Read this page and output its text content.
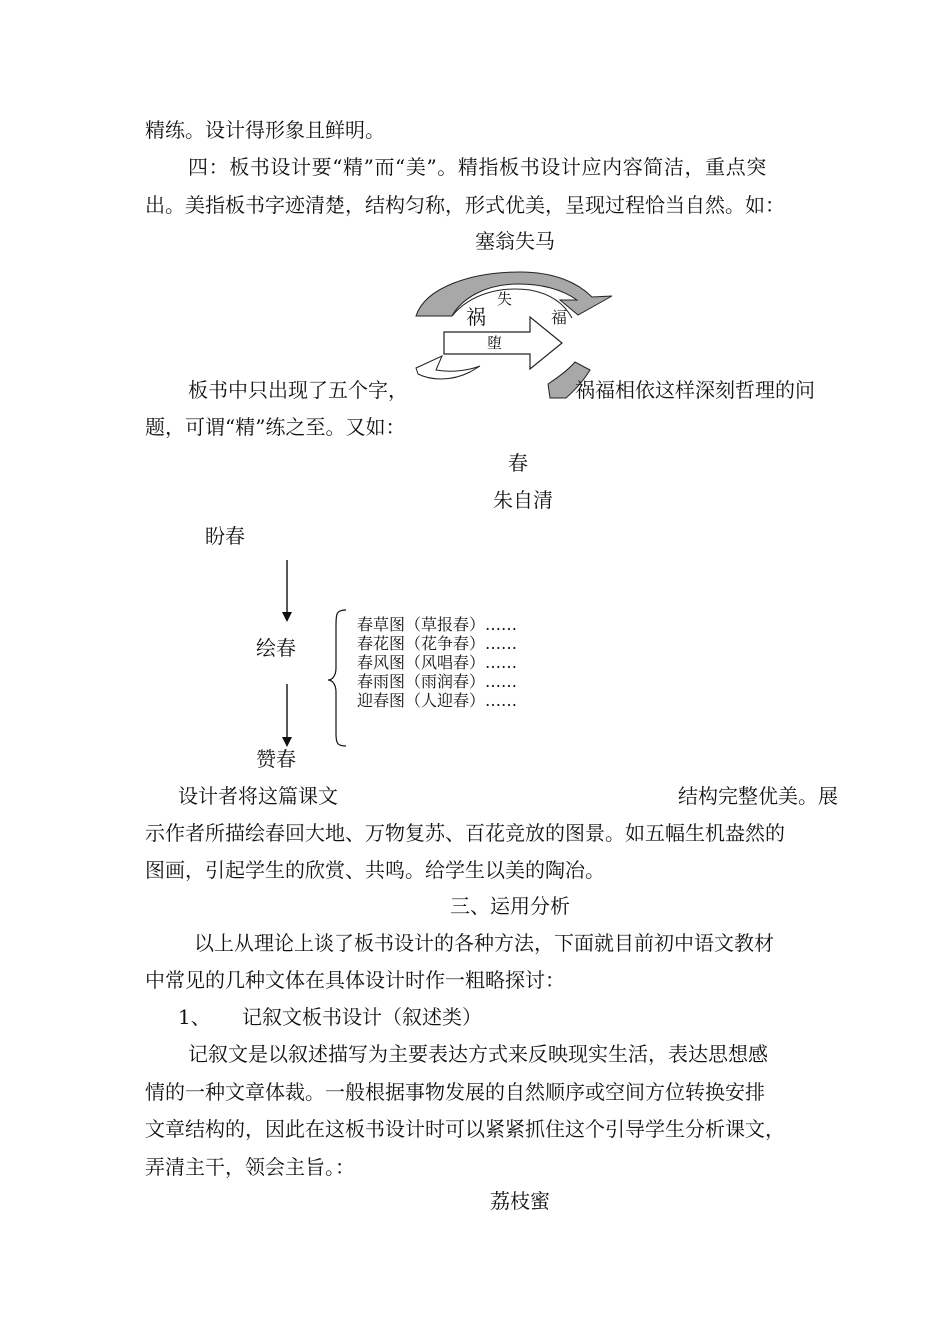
精练。设计得形象且鲜明。
四：板书设计要“精”而“美”。精指板书设计应内容简洁，重点突
出。美指板书字迹清楚，结构匀称，形式优美，呈现过程恰当自然。如：
塞翁失马
失
祸	福
堕
板书中只出现了五个字，	祸福相依这样深刻哲理的问
题，可谓“精”练之至。又如：
春
朱自清
盼春
绘春
赞春
春草图（草报春）……
春花图（花争春）……
春风图（风唱春）……
春雨图（雨润春）……
迎春图（人迎春）……
设计者将这篇课文	结构完整优美。展
示作者所描绘春回大地、万物复苏、百花竞放的图景。如五幅生机盎然的
图画，引起学生的欣赏、共鸣。给学生以美的陶冶。
三、运用分析
以上从理论上谈了板书设计的各种方法，下面就目前初中语文教材
中常见的几种文体在具体设计时作一粗略探讨：
1、 记叙文板书设计（叙述类）
记叙文是以叙述描写为主要表达方式来反映现实生活，表达思想感
情的一种文章体裁。一般根据事物发展的自然顺序或空间方位转换安排
文章结构的，因此在这板书设计时可以紧紧抓住这个引导学生分析课文，
弄清主干，领会主旨。：
荔枝蜜
